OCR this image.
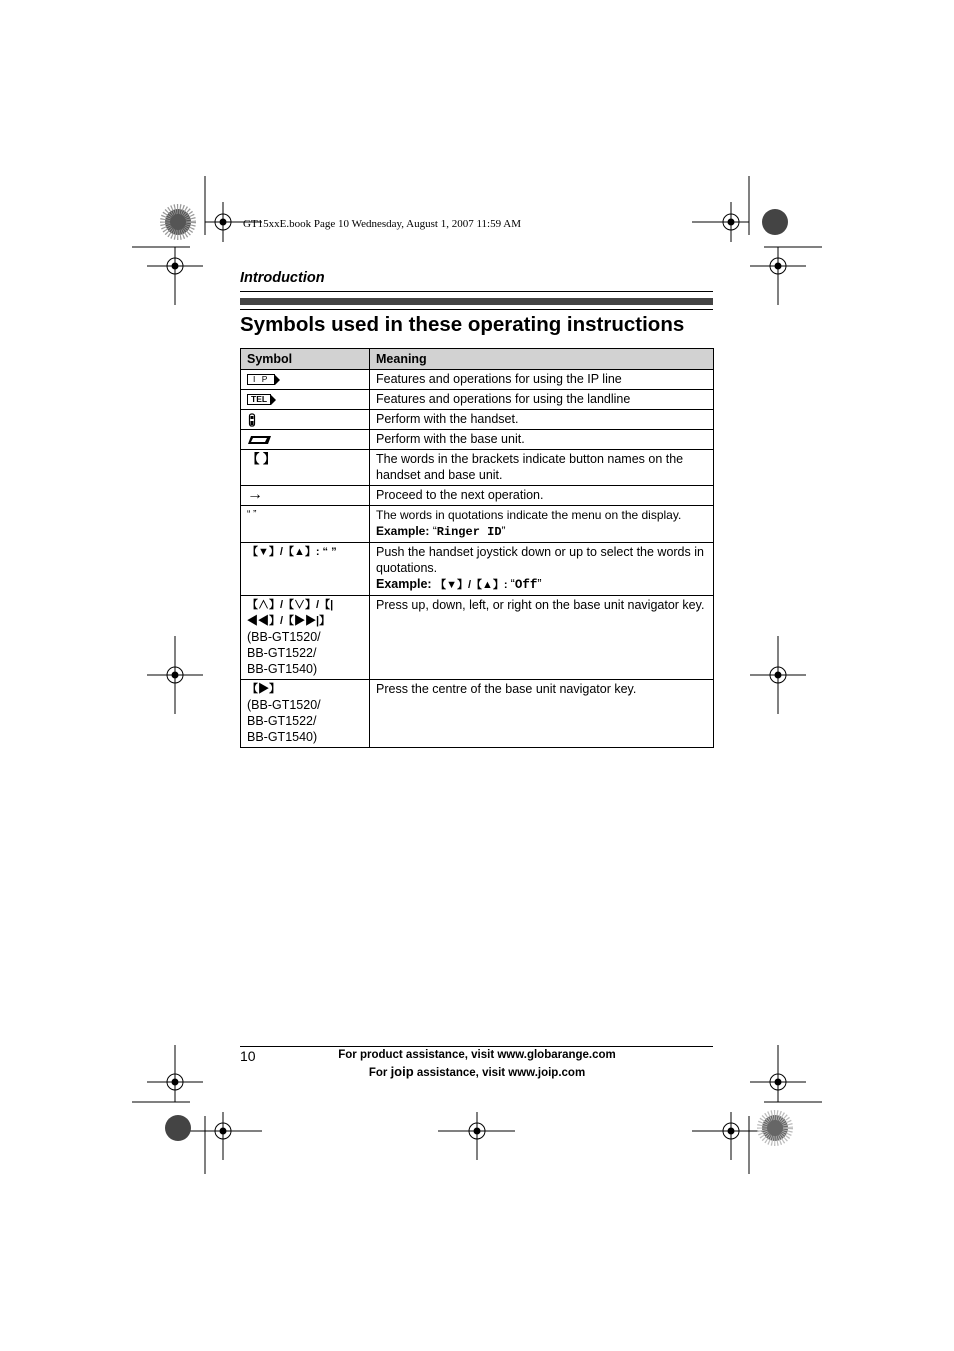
GT15xxE.book Page 10 Wednesday, August 1, 2007 11:59 AM
Introduction
Symbols used in these operating instructions
Symbol	Meaning
I P	Features and operations for using the IP line
TEL	Features and operations for using the landline
	Perform with the handset.
	Perform with the base unit.
【 】	The words in the brackets indicate button names on the handset and base unit.
→	Proceed to the next operation.
“ ”	The words in quotations indicate the menu on the display.
Example: “Ringer ID”

【▼】/【▲】: “ ”	Push the handset joystick down or up to select the words in quotations.
Example: 【▼】/【▲】: “Off”

【∧】/【∨】/【|◀◀】/【▶▶|】
(BB-GT1520/
BB-GT1522/
BB-GT1540)	Press up, down, left, or right on the base unit navigator key.

【▶】
(BB-GT1520/
BB-GT1522/
BB-GT1540)	Press the centre of the base unit navigator key.
10	For product assistance, visit www.globarange.com
For joip assistance, visit www.joip.com
